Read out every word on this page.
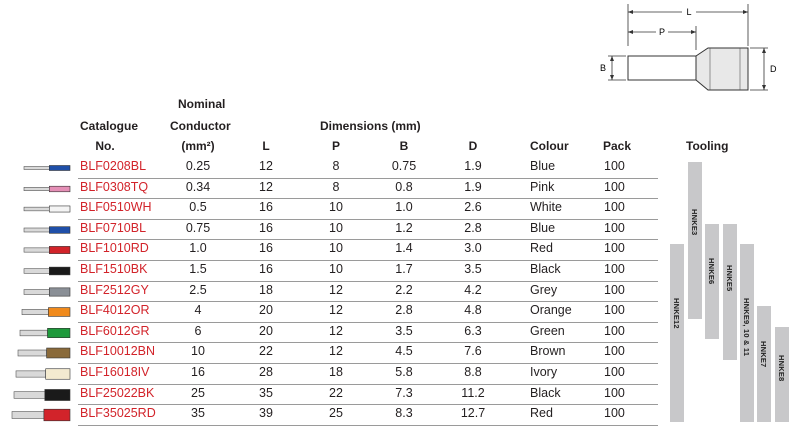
L
P
B	D
Nominal
Catalogue	Conductor	Dimensions (mm)
No.	(mm²)	L	P	B	D	Colour	Pack	Tooling
BLF0208BL	0.25	12	8	0.75	1.9	Blue	100
BLF0308TQ	0.34	12	8	0.8	1.9	Pink	100
BLF0510WH	0.5	16	10	1.0	2.6	White	100
BLF0710BL	0.75	16	10	1.2	2.8	Blue	100
BLF1010RD	1.0	16	10	1.4	3.0	Red	100
BLF1510BK	1.5	16	10	1.7	3.5	Black	100
BLF2512GY	2.5	18	12	2.2	4.2	Grey	100
BLF4012OR	4	20	12	2.8	4.8	Orange	100
BLF6012GR	6	20	12	3.5	6.3	Green	100
BLF10012BN	10	22	12	4.5	7.6	Brown	100
BLF16018IV	16	28	18	5.8	8.8	Ivory	100
BLF25022BK	25	35	22	7.3	11.2	Black	100
BLF35025RD	35	39	25	8.3	12.7	Red	100
HNKE12
HNKE3
HNKE6 HNKE5
HNKE9, 10 & 11 HNKE7
HNKE8
